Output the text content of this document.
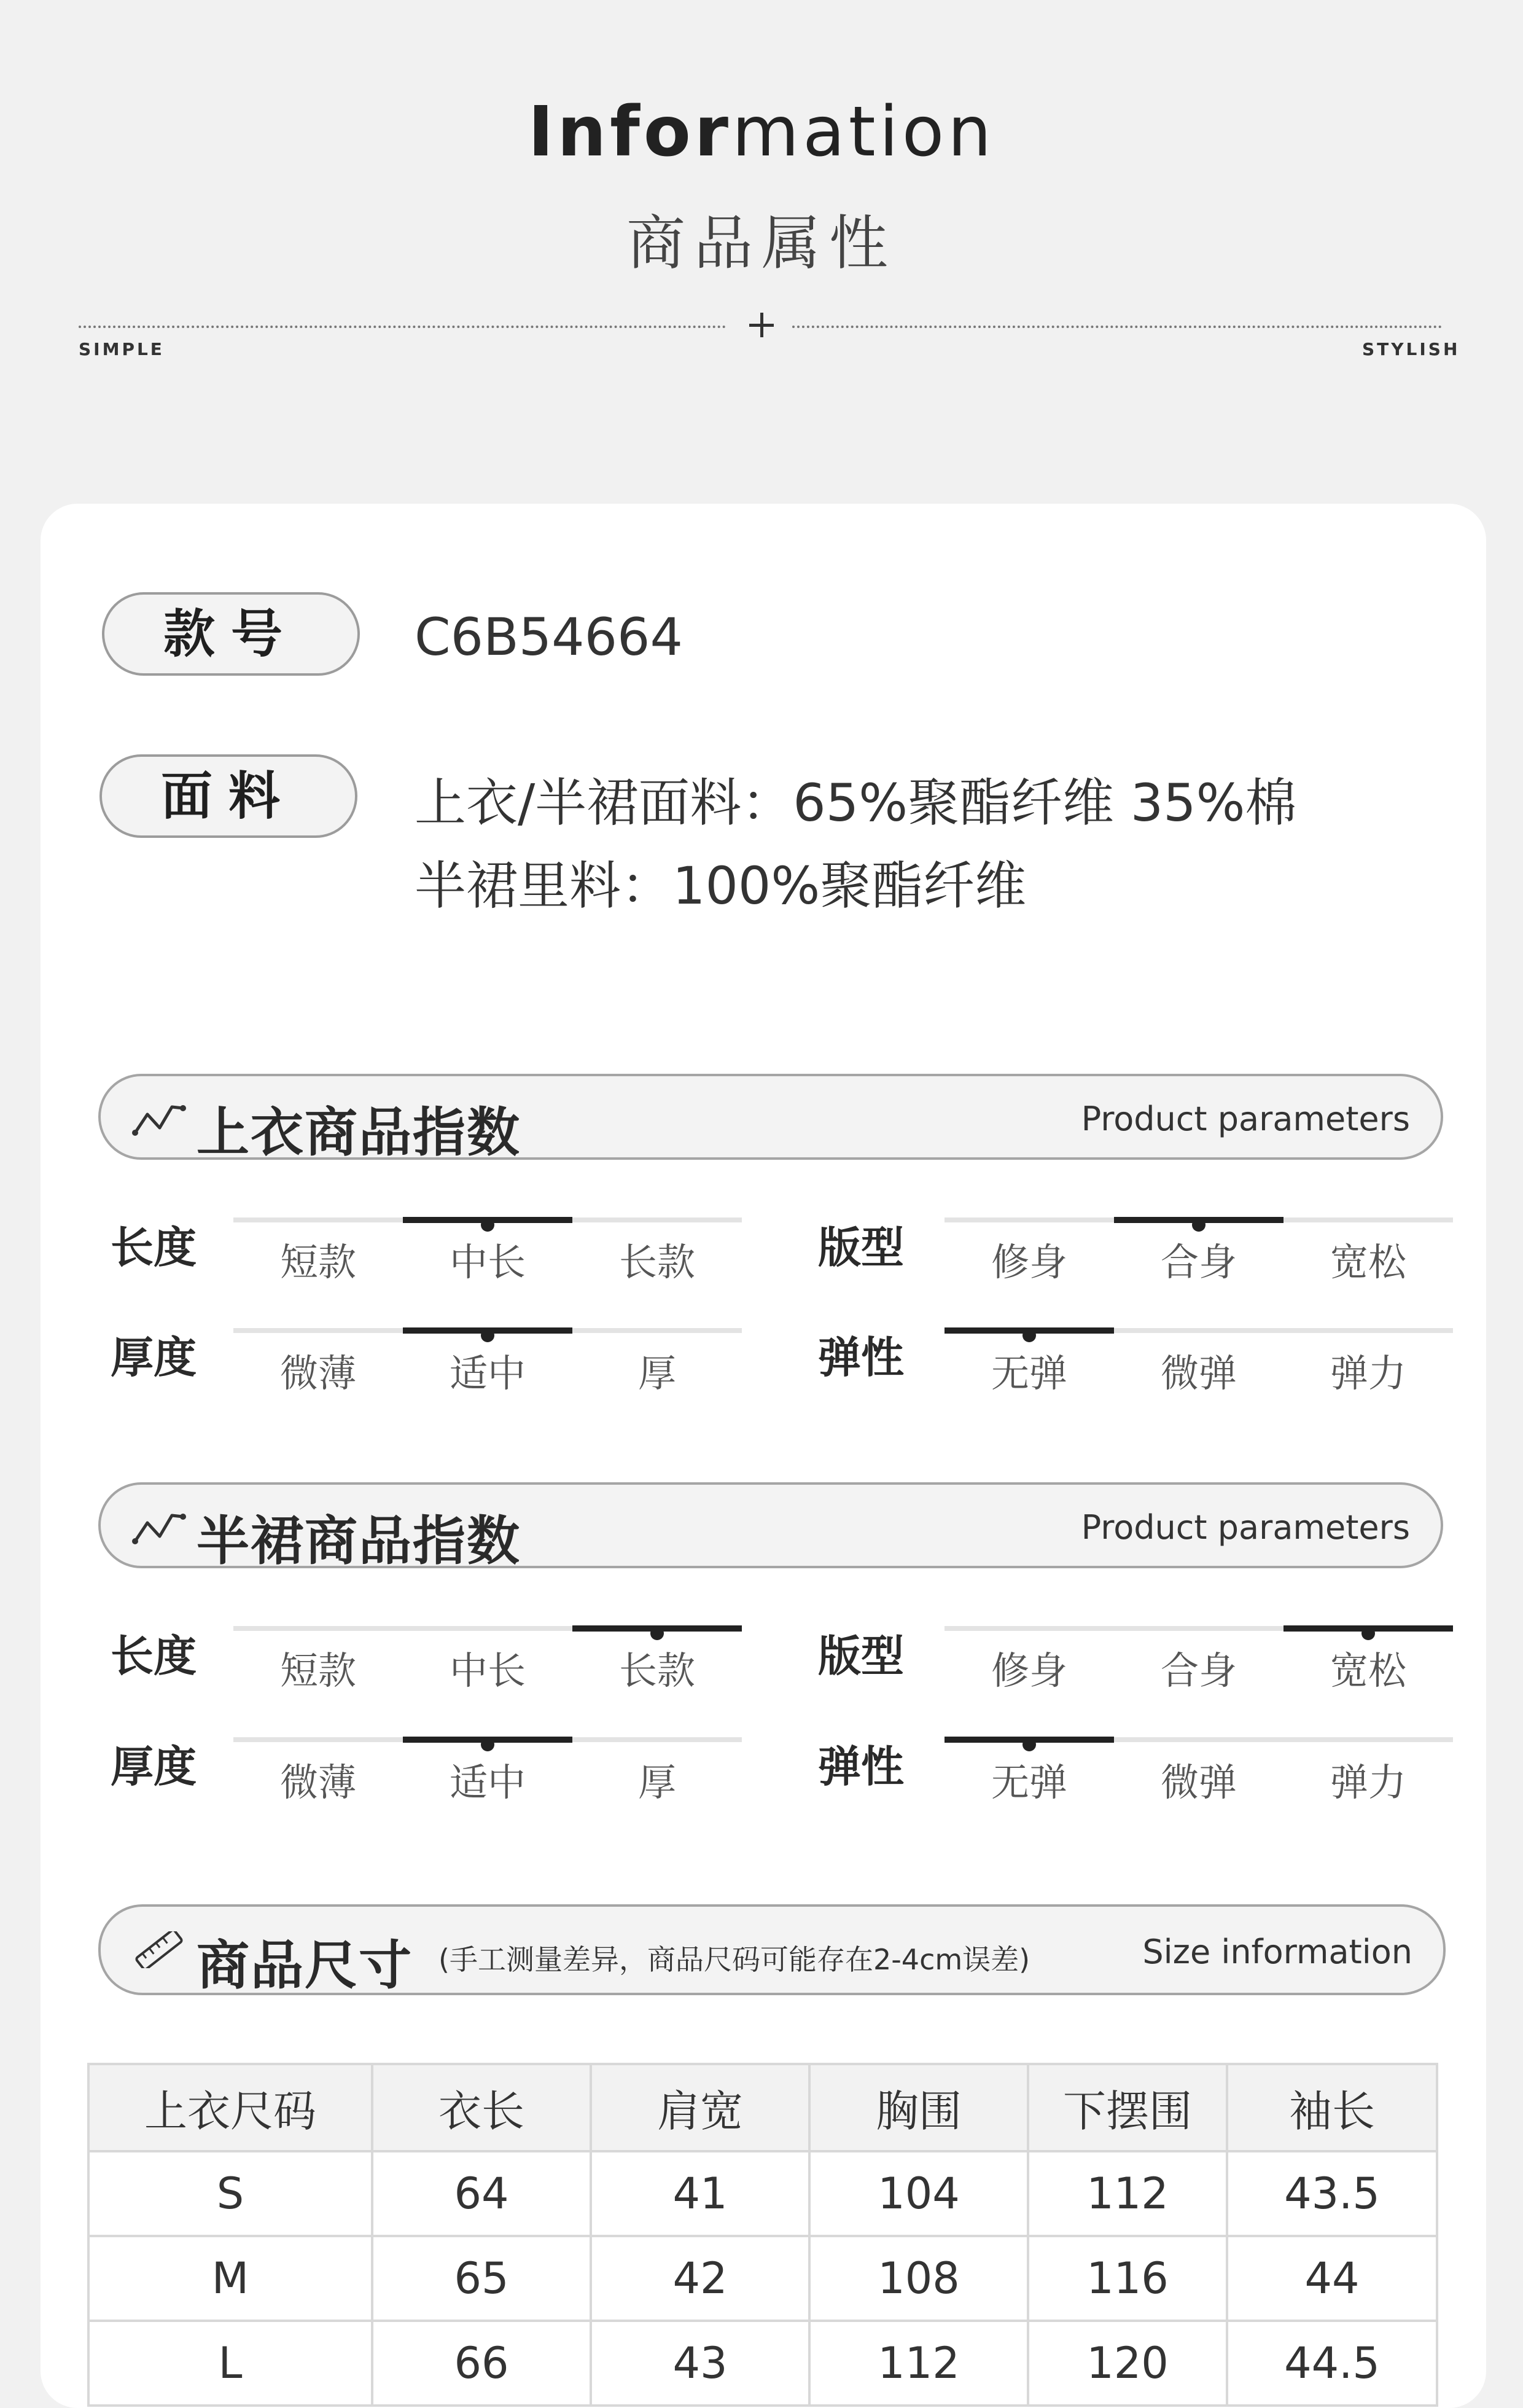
Information
商品属性
SIMPLE	STYLISH
款号	C6B54664
面料	上衣/半裙面料：65%聚酯纤维 35%棉
半裙里料：100%聚酯纤维
上衣商品指数	Product parameters
长度	短款	中长	长款	版型	修身	合身	宽松
厚度	微薄	适中	厚	弹性	无弹	微弹	弹力
半裙商品指数	Product parameters
长度	短款	中长	长款	版型	修身	合身	宽松
厚度	微薄	适中	厚	弹性	无弹	微弹	弹力
商品尺寸 (手工测量差异，商品尺码可能存在2-4cm误差)	Size information
上衣尺码	衣长	肩宽	胸围	下摆围	袖长
S	64	41	104	112	43.5
M	65	42	108	116	44
L	66	43	112	120	44.5
